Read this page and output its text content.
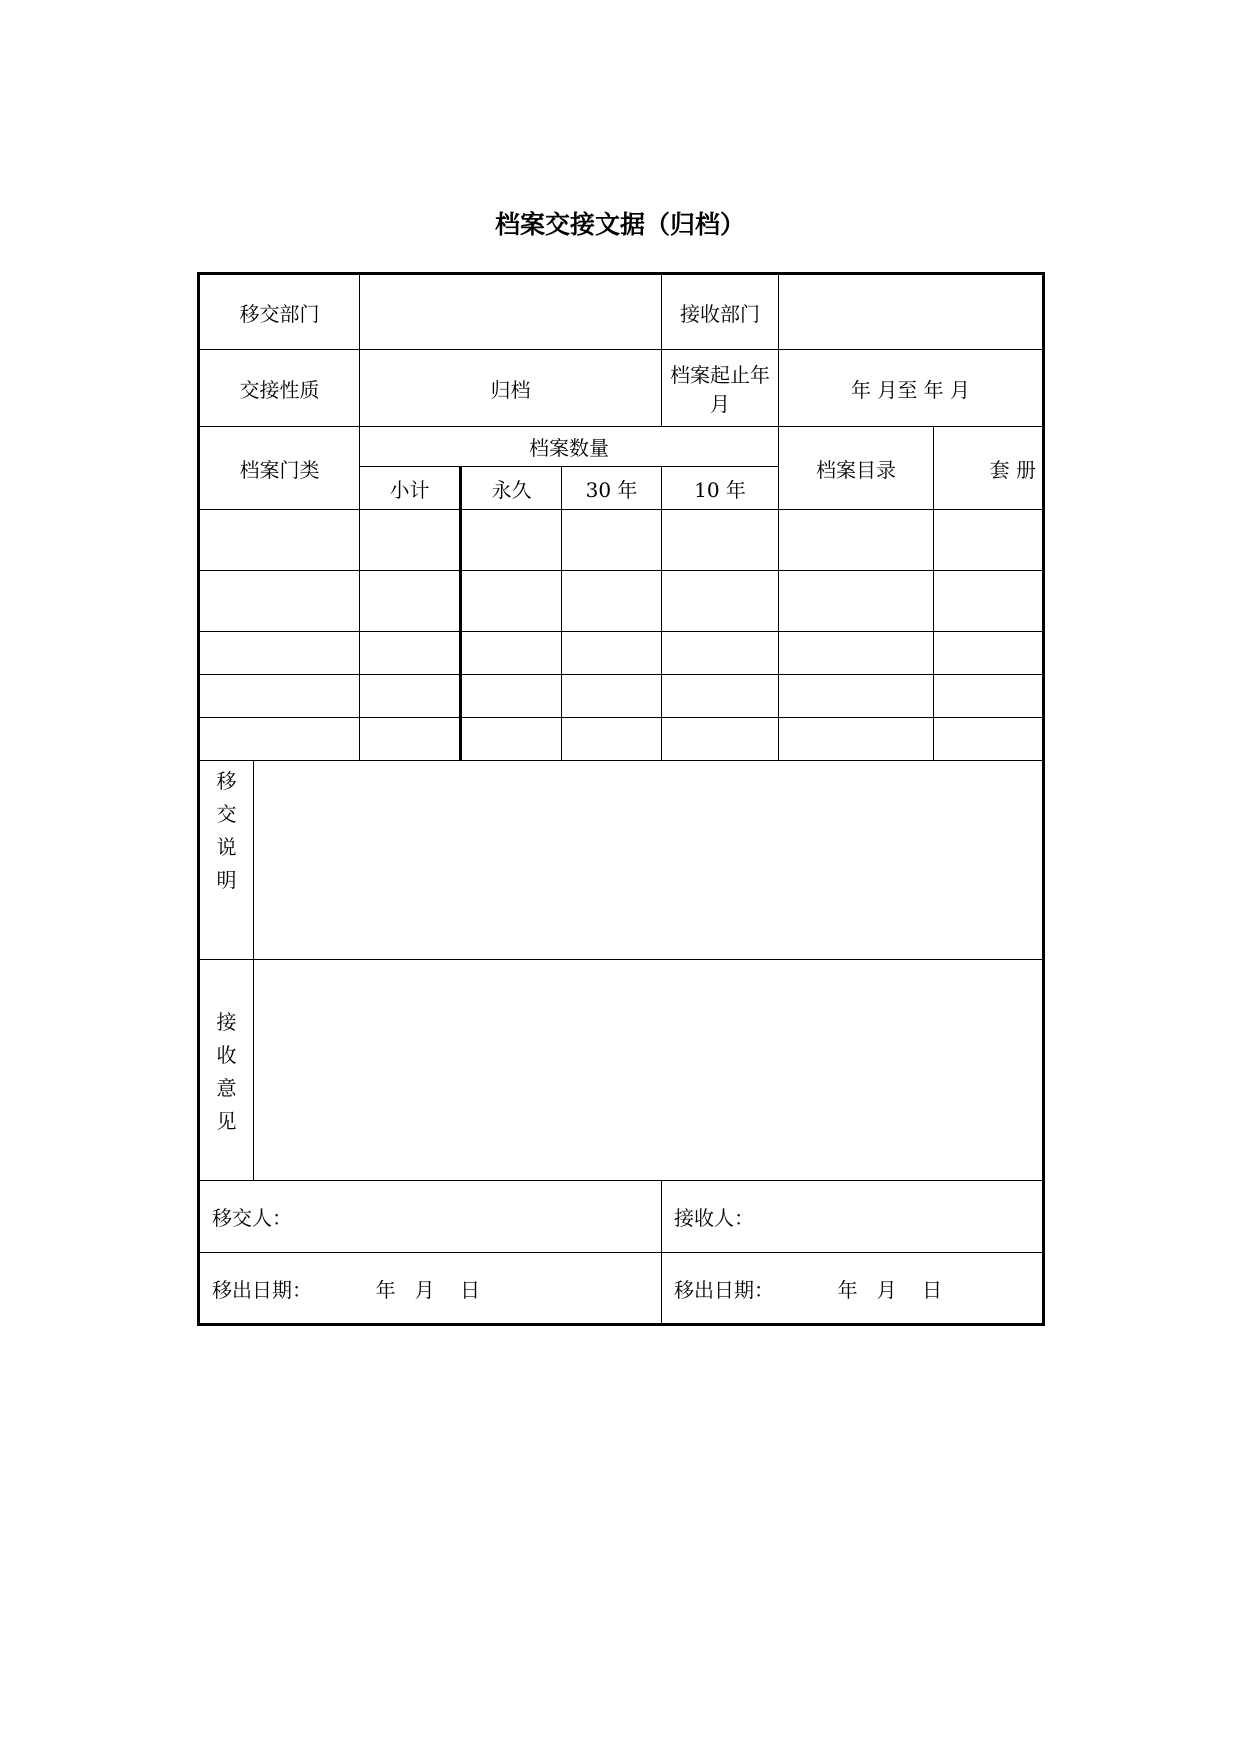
档案交接文据（归档）
移交部门					接收部门		
交接性质		归档			档案起止年月	年 月至 年 月	
档案门类		档案数量				档案目录	套 册
		小计	永久	30 年	10 年		

移
交
说
明							

接
收
意
见							

移交人：					接收人：		
移出日期：          年   月    日					移出日期：          年   月    日		
